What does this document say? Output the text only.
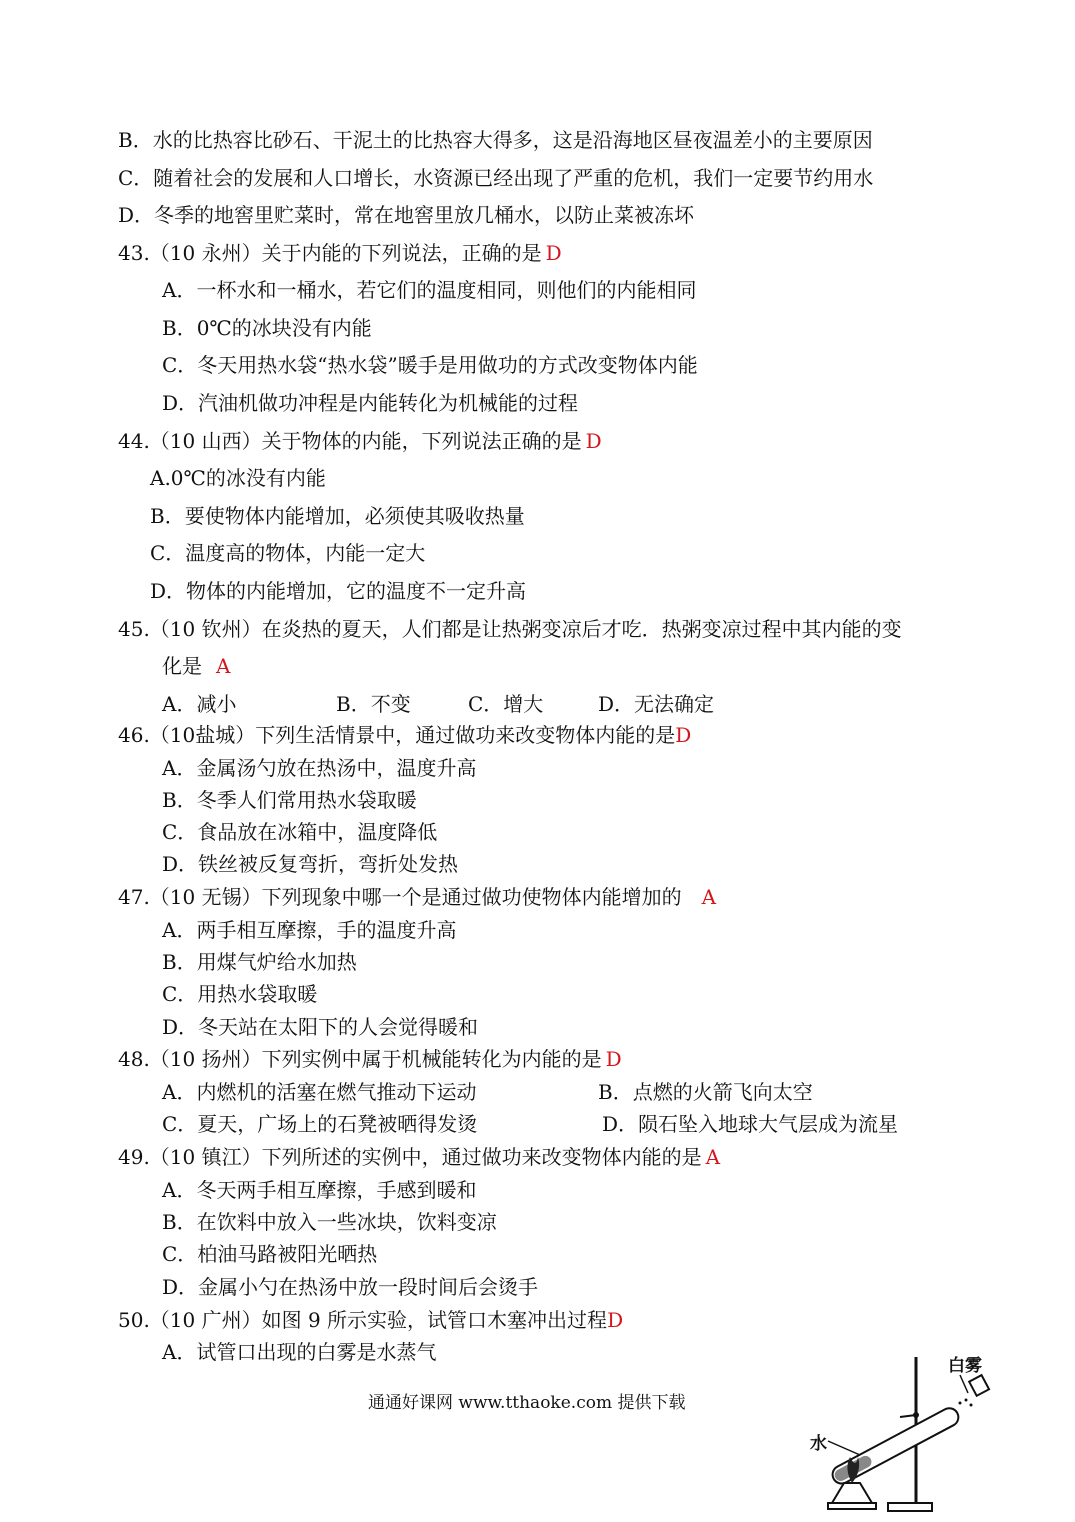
B．水的比热容比砂石、干泥土的比热容大得多，这是沿海地区昼夜温差小的主要原因
C．随着社会的发展和人口增长，水资源已经出现了严重的危机，我们一定要节约用水
D．冬季的地窖里贮菜时，常在地窖里放几桶水，以防止菜被冻坏
43.（10 永州）关于内能的下列说法，正确的是 D
A．一杯水和一桶水，若它们的温度相同，则他们的内能相同
B．0℃的冰块没有内能
C．冬天用热水袋“热水袋”暖手是用做功的方式改变物体内能
D．汽油机做功冲程是内能转化为机械能的过程
44.（10 山西）关于物体的内能，下列说法正确的是 D
A.0℃的冰没有内能
B．要使物体内能增加，必须使其吸收热量
C．温度高的物体，内能一定大
D．物体的内能增加，它的温度不一定升高
45.（10 钦州）在炎热的夏天，人们都是让热粥变凉后才吃．热粥变凉过程中其内能的变
化是 A
A．减小	B．不变	C．增大	D．无法确定
46.（10盐城）下列生活情景中，通过做功来改变物体内能的是D
A．金属汤勺放在热汤中，温度升高
B．冬季人们常用热水袋取暖
C．食品放在冰箱中，温度降低
D．铁丝被反复弯折，弯折处发热
47.（10 无锡）下列现象中哪一个是通过做功使物体内能增加的 A
A．两手相互摩擦，手的温度升高
B．用煤气炉给水加热
C．用热水袋取暖
D．冬天站在太阳下的人会觉得暖和
48.（10 扬州）下列实例中属于机械能转化为内能的是 D
A．内燃机的活塞在燃气推动下运动	B．点燃的火箭飞向太空
C．夏天，广场上的石凳被晒得发烫	D．陨石坠入地球大气层成为流星
49.（10 镇江）下列所述的实例中，通过做功来改变物体内能的是 A
A．冬天两手相互摩擦，手感到暖和
B．在饮料中放入一些冰块，饮料变凉
C．柏油马路被阳光晒热
D．金属小勺在热汤中放一段时间后会烫手
50.（10 广州）如图 9 所示实验，试管口木塞冲出过程D
A．试管口出现的白雾是水蒸气
通通好课网 www.tthaoke.com 提供下载
白雾
水
